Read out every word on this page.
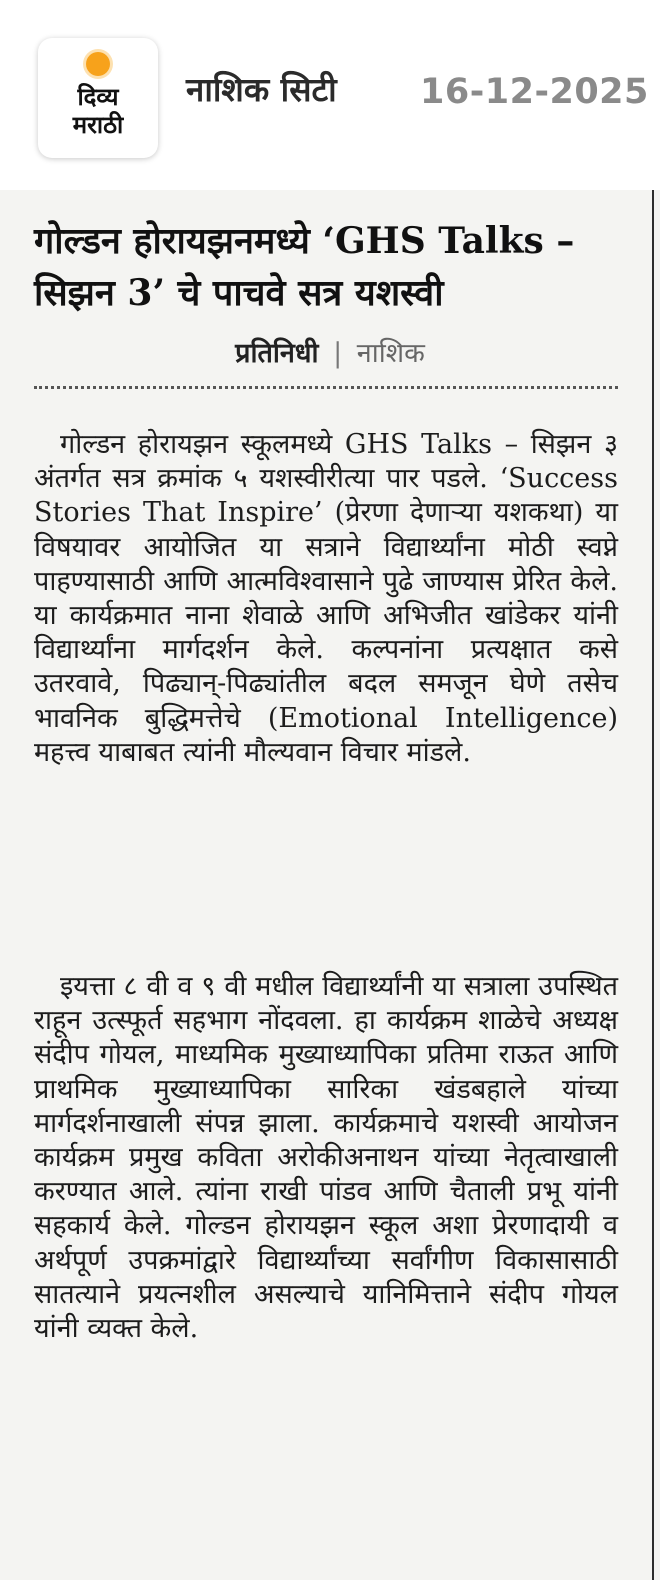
दिव्य
मराठी
नाशिक सिटी 16-12-2025
गोल्डन होरायझनमध्ये ‘GHS Talks – सिझन 3’ चे पाचवे सत्र यशस्वी
प्रतिनिधी | नाशिक
गोल्डन होरायझन स्कूलमध्ये GHS Talks – सिझन ३ अंतर्गत सत्र क्रमांक ५ यशस्वीरीत्या पार पडले. ‘Success Stories That Inspire’ (प्रेरणा देणाऱ्या यशकथा) या विषयावर आयोजित या सत्राने विद्यार्थ्यांना मोठी स्वप्ने पाहण्यासाठी आणि आत्मविश्वासाने पुढे जाण्यास प्रेरित केले. या कार्यक्रमात नाना शेवाळे आणि अभिजीत खांडेकर यांनी विद्यार्थ्यांना मार्गदर्शन केले. कल्पनांना प्रत्यक्षात कसे उतरवावे, पिढ्यान्-पिढ्यांतील बदल समजून घेणे तसेच भावनिक बुद्धिमत्तेचे (Emotional Intelligence) महत्त्व याबाबत त्यांनी मौल्यवान विचार मांडले.
इयत्ता ८ वी व ९ वी मधील विद्यार्थ्यांनी या सत्राला उपस्थित राहून उत्स्फूर्त सहभाग नोंदवला. हा कार्यक्रम शाळेचे अध्यक्ष संदीप गोयल, माध्यमिक मुख्याध्यापिका प्रतिमा राऊत आणि प्राथमिक मुख्याध्यापिका सारिका खंडबहाले यांच्या मार्गदर्शनाखाली संपन्न झाला. कार्यक्रमाचे यशस्वी आयोजन कार्यक्रम प्रमुख कविता अरोकीअनाथन यांच्या नेतृत्वाखाली करण्यात आले. त्यांना राखी पांडव आणि चैताली प्रभू यांनी सहकार्य केले. गोल्डन होरायझन स्कूल अशा प्रेरणादायी व अर्थपूर्ण उपक्रमांद्वारे विद्यार्थ्यांच्या सर्वांगीण विकासासाठी सातत्याने प्रयत्नशील असल्याचे यानिमित्ताने संदीप गोयल यांनी व्यक्त केले.
